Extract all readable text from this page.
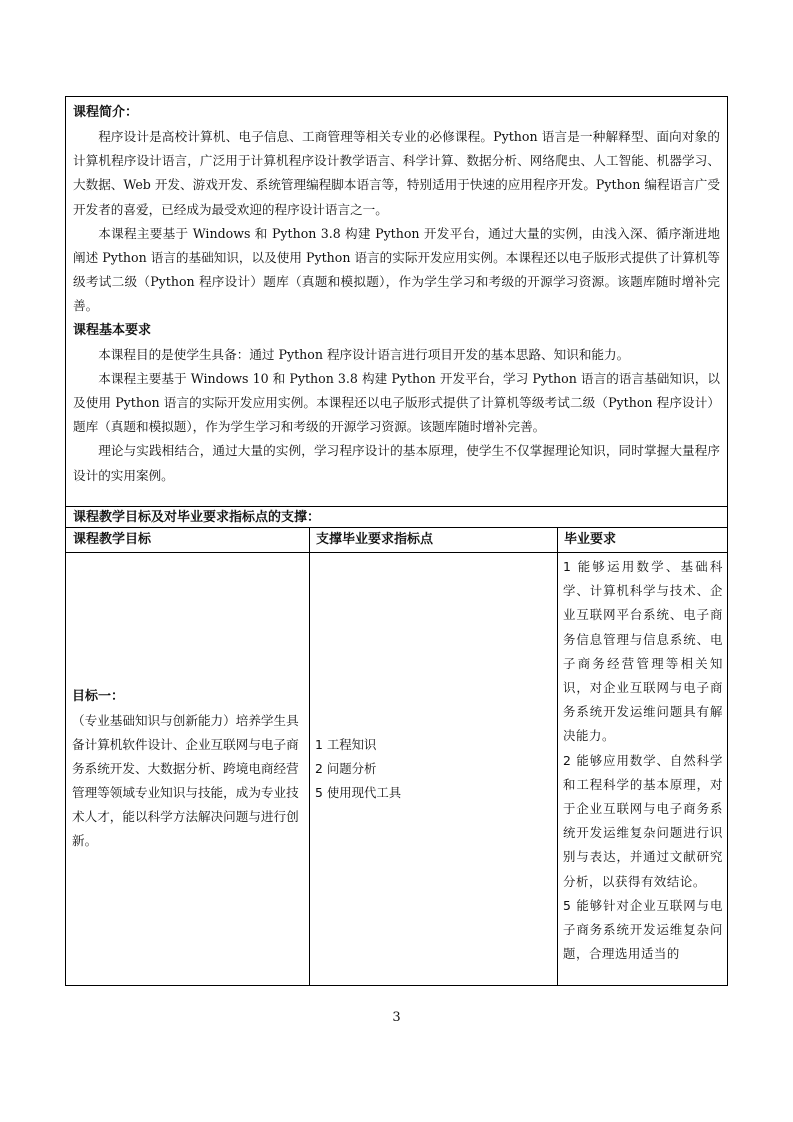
课程简介：

程序设计是高校计算机、电子信息、工商管理等相关专业的必修课程。Python 语言是一种解释型、面向对象的计算机程序设计语言，广泛用于计算机程序设计教学语言、科学计算、数据分析、网络爬虫、人工智能、机器学习、大数据、Web 开发、游戏开发、系统管理编程脚本语言等，特别适用于快速的应用程序开发。Python 编程语言广受开发者的喜爱，已经成为最受欢迎的程序设计语言之一。

本课程主要基于 Windows 和 Python 3.8 构建 Python 开发平台，通过大量的实例，由浅入深、循序渐进地阐述 Python 语言的基础知识，以及使用 Python 语言的实际开发应用实例。本课程还以电子版形式提供了计算机等级考试二级（Python 程序设计）题库（真题和模拟题），作为学生学习和考级的开源学习资源。该题库随时增补完善。

课程基本要求

本课程目的是使学生具备：通过 Python 程序设计语言进行项目开发的基本思路、知识和能力。

本课程主要基于 Windows 10 和 Python 3.8 构建 Python 开发平台，学习 Python 语言的语言基础知识，以及使用 Python 语言的实际开发应用实例。本课程还以电子版形式提供了计算机等级考试二级（Python 程序设计）题库（真题和模拟题），作为学生学习和考级的开源学习资源。该题库随时增补完善。

理论与实践相结合，通过大量的实例，学习程序设计的基本原理，使学生不仅掌握理论知识，同时掌握大量程序设计的实用案例。

课程教学目标及对毕业要求指标点的支撑：
课程教学目标	支撑毕业要求指标点	毕业要求
目标一：
（专业基础知识与创新能力）培养学生具备计算机软件设计、企业互联网与电子商务系统开发、大数据分析、跨境电商经营管理等领域专业知识与技能，成为专业技术人才，能以科学方法解决问题与进行创新。
1 工程知识
2 问题分析
5 使用现代工具
1 能够运用数学、基础科学、计算机科学与技术、企业互联网平台系统、电子商务信息管理与信息系统、电子商务经营管理等相关知识，对企业互联网与电子商务系统开发运维问题具有解决能力。
2 能够应用数学、自然科学和工程科学的基本原理，对于企业互联网与电子商务系统开发运维复杂问题进行识别与表达，并通过文献研究分析，以获得有效结论。
5 能够针对企业互联网与电子商务系统开发运维复杂问题，合理选用适当的
3
